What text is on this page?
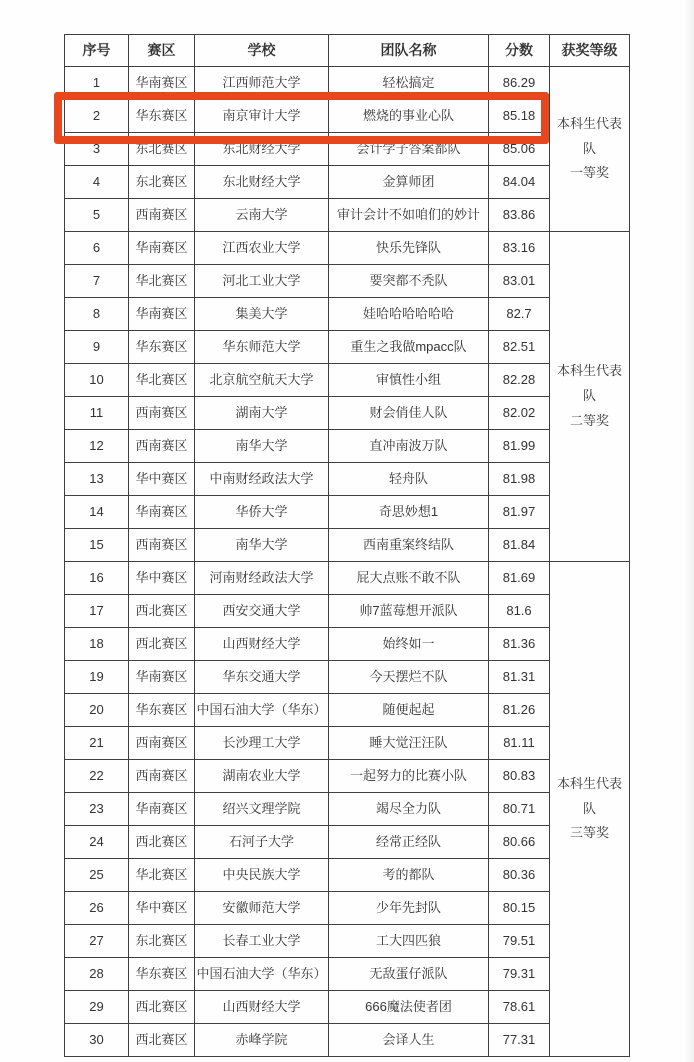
序号	赛区	学校	团队名称	分数	获奖等级
1	华南赛区	江西师范大学	轻松搞定	86.29	本科生代表队
一等奖

2	华东赛区	南京审计大学	燃烧的事业心队	85.18	
3	东北赛区	东北财经大学	会计学子答案都队	85.06	
4	东北赛区	东北财经大学	金算师团	84.04	
5	西南赛区	云南大学	审计会计不如咱们的妙计	83.86	
6	华南赛区	江西农业大学	快乐先锋队	83.16	本科生代表队
二等奖

7	华北赛区	河北工业大学	要突都不秃队	83.01	
8	华南赛区	集美大学	娃哈哈哈哈哈哈	82.7	
9	华东赛区	华东师范大学	重生之我做mpacc队	82.51	
10	华北赛区	北京航空航天大学	审慎性小组	82.28	
11	西南赛区	湖南大学	财会俏佳人队	82.02	
12	西南赛区	南华大学	直冲南波万队	81.99	
13	华中赛区	中南财经政法大学	轻舟队	81.98	
14	华南赛区	华侨大学	奇思妙想1	81.97	
15	西南赛区	南华大学	西南重案终结队	81.84	
16	华中赛区	河南财经政法大学	屁大点账不敢不队	81.69	本科生代表队
三等奖

17	西北赛区	西安交通大学	帅7蓝莓想开派队	81.6	
18	西北赛区	山西财经大学	始终如一	81.36	
19	华南赛区	华东交通大学	今天摆烂不队	81.31	
20	华东赛区	中国石油大学（华东）	随便起起	81.26	
21	西南赛区	长沙理工大学	睡大觉汪汪队	81.11	
22	西南赛区	湖南农业大学	一起努力的比赛小队	80.83	
23	华南赛区	绍兴文理学院	竭尽全力队	80.71	
24	西北赛区	石河子大学	经常正经队	80.66	
25	华北赛区	中央民族大学	考的都队	80.36	
26	华中赛区	安徽师范大学	少年先封队	80.15	
27	东北赛区	长春工业大学	工大四匹狼	79.51	
28	华东赛区	中国石油大学（华东）	无敌蛋仔派队	79.31	
29	西北赛区	山西财经大学	666魔法使者团	78.61	
30	西北赛区	赤峰学院	会译人生	77.31	
